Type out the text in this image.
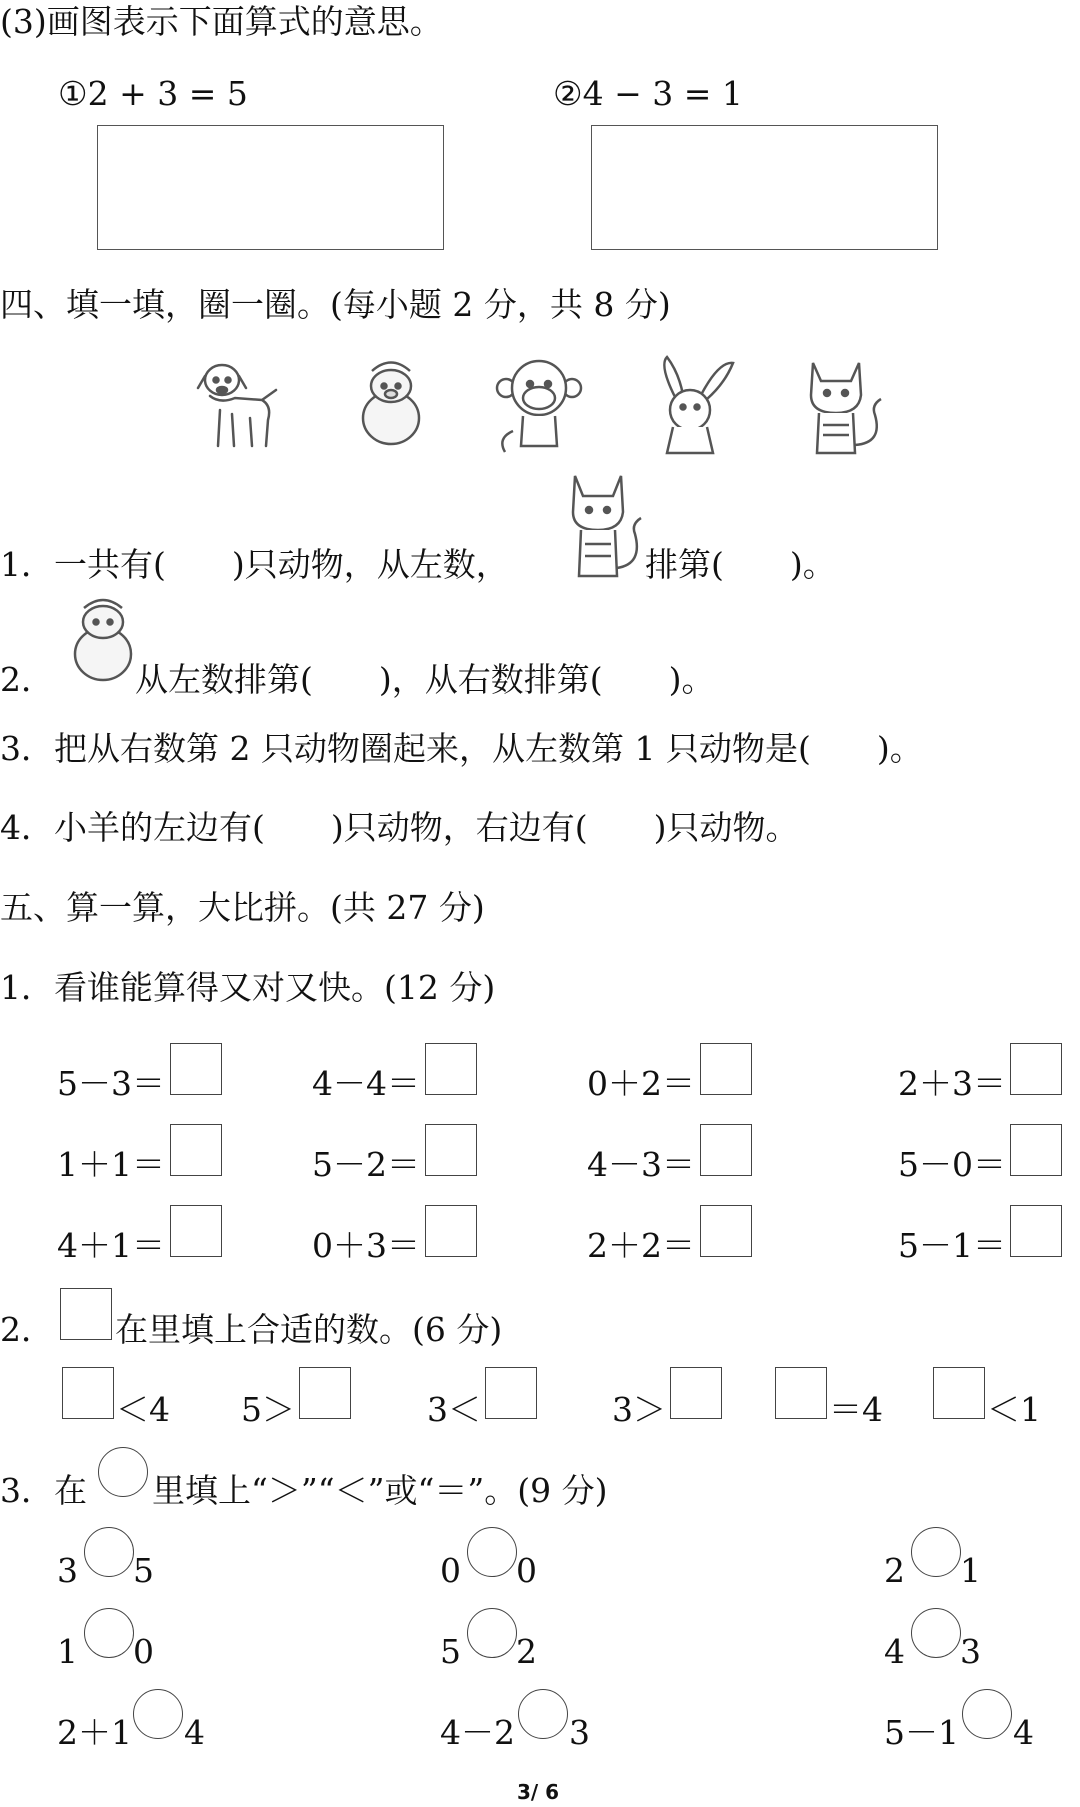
(3)画图表示下面算式的意思。
①2 + 3 = 5	②4 − 3 = 1
四、填一填，圈一圈。(每小题 2 分，共 8 分)
1．一共有(　　)只动物，从左数，	排第(　　)。
2． 从左数排第(　　)，从右数排第(　　)。
3．把从右数第 2 只动物圈起来，从左数第 1 只动物是(　　)。
4．小羊的左边有(　　)只动物，右边有(　　)只动物。
五、算一算，大比拼。(共 27 分)
1．看谁能算得又对又快。(12 分)
5－3＝	4－4＝	0＋2＝	2＋3＝
1＋1＝	5－2＝	4－3＝	5－0＝
4＋1＝	0＋3＝	2＋2＝	5－1＝
2． 在里填上合适的数。(6 分)
＜4 5＞	3＜	3＞	＝4	＜1
3．在 里填上“＞”“＜”或“＝”。(9 分)
3 5	0 0	2 1
1 0	5 2	4 3
2＋1 4	4－2 3	5－1 4
3/ 6
